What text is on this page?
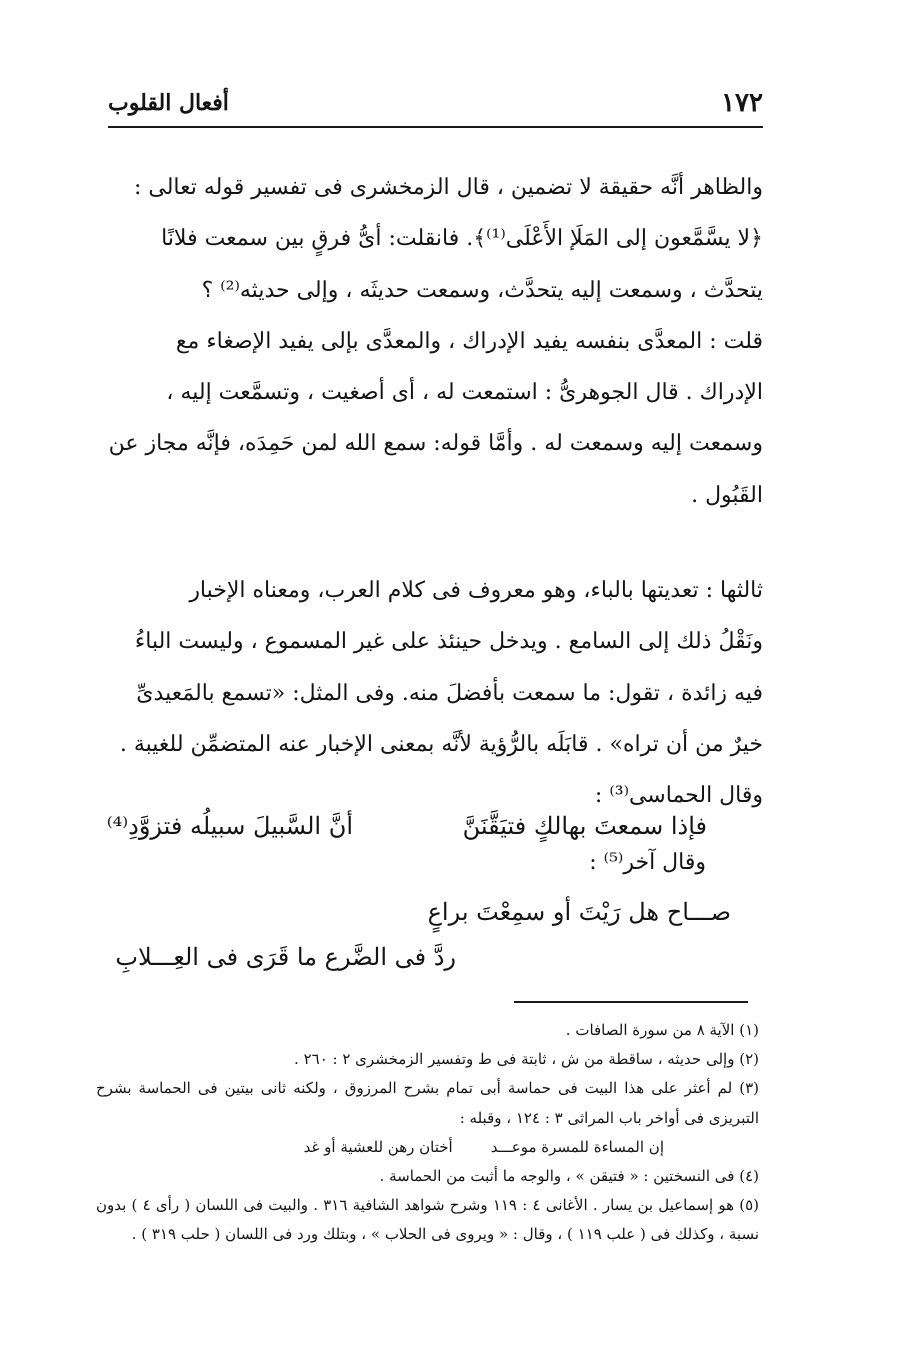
١٧٢
أفعال القلوب

والظاهر أنَّه حقيقة لا تضمين ، قال الزمخشرى فى تفسير قوله تعالى :

﴿لا يسَّمَّعون إلى المَلَإ الأَعْلَى⁽¹⁾﴾. فانقلت: أىُّ فرقٍ بين سمعت فلانًا

يتحدَّث ، وسمعت إليه يتحدَّث، وسمعت حديثَه ، وإلى حديثه⁽²⁾ ؟

قلت : المعدَّى بنفسه يفيد الإدراك ، والمعدَّى بإلى يفيد الإصغاء مع

الإدراك . قال الجوهرىُّ : استمعت له ، أى أصغيت ، وتسمَّعت إليه ،

وسمعت إليه وسمعت له . وأمَّا قوله: سمع الله لمن حَمِدَه، فإنَّه مجاز عن

القَبُول .

ثالثها : تعديتها بالباء، وهو معروف فى كلام العرب، ومعناه الإخبار

ونَقْلُ ذلك إلى السامع . ويدخل حينئذ على غير المسموع ، وليست الباءُ

فيه زائدة ، تقول: ما سمعت بأفضلَ منه. وفى المثل: «تسمع بالمَعيدىِّ

خيرٌ من أن تراه» . قابَلَه بالرُّؤية لأنَّه بمعنى الإخبار عنه المتضمِّن للغيبة .

وقال الحماسى⁽³⁾ :

فإذا سمعتَ بهالكٍ فتيَقَّنَنَّ
أنَّ السَّبيلَ سبيلُه فتزوَّدِ⁽⁴⁾
وقال آخر⁽⁵⁾ :
صـــاح هل رَيْتَ أو سمِعْتَ براعٍ
ردَّ فى الضَّرع ما قَرَى فى العِـــلابِ

(١) الآية ٨ من سورة الصافات .

(٢) وإلى حديثه ، ساقطة من ش ، ثابتة فى ط وتفسير الزمخشرى ٢ : ٢٦٠ .

(٣) لم أعثر على هذا البيت فى حماسة أبى تمام بشرح المرزوق ، ولكنه ثانى بيتين فى الحماسة بشرح التبريزى فى أواخر باب المراثى ٣ : ١٢٤ ، وقبله :

إن المساءة للمسرة موعـــدأختان رهن للعشية أو غد

(٤) فى النسختين : « فتيقن » ، والوجه ما أثبت من الحماسة .

(٥) هو إسماعيل بن يسار . الأغانى ٤ : ١١٩ وشرح شواهد الشافية ٣١٦ . والبيت فى اللسان ( رأى ٤ ) بدون نسبة ، وكذلك فى ( علب ١١٩ ) ، وقال : « ويروى فى الحلاب » ، وبتلك ورد فى اللسان ( حلب ٣١٩ ) .
